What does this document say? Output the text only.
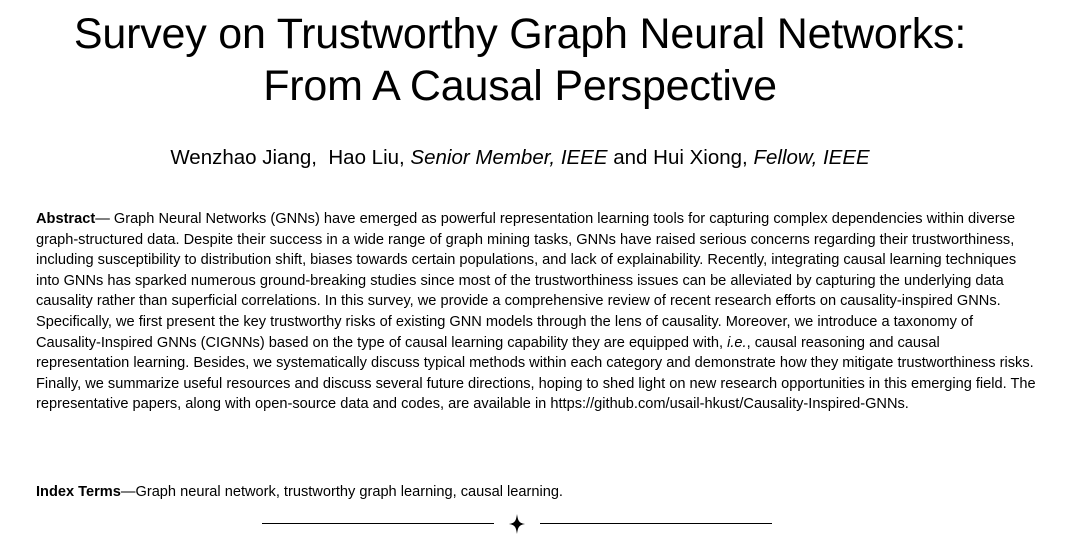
Survey on Trustworthy Graph Neural Networks:
From A Causal Perspective

Wenzhao Jiang, Hao Liu, Senior Member, IEEE and Hui Xiong, Fellow, IEEE

Abstract— Graph Neural Networks (GNNs) have emerged as powerful representation learning tools for capturing complex dependencies within diverse graph-structured data. Despite their success in a wide range of graph mining tasks, GNNs have raised serious concerns regarding their trustworthiness, including susceptibility to distribution shift, biases towards certain populations, and lack of explainability. Recently, integrating causal learning techniques into GNNs has sparked numerous ground-breaking studies since most of the trustworthiness issues can be alleviated by capturing the underlying data causality rather than superficial correlations. In this survey, we provide a comprehensive review of recent research efforts on causality-inspired GNNs. Specifically, we first present the key trustworthy risks of existing GNN models through the lens of causality. Moreover, we introduce a taxonomy of Causality-Inspired GNNs (CIGNNs) based on the type of causal learning capability they are equipped with, i.e., causal reasoning and causal representation learning. Besides, we systematically discuss typical methods within each category and demonstrate how they mitigate trustworthiness risks. Finally, we summarize useful resources and discuss several future directions, hoping to shed light on new research opportunities in this emerging field. The representative papers, along with open-source data and codes, are available in https://github.com/usail-hkust/Causality-Inspired-GNNs.

Index Terms—Graph neural network, trustworthy graph learning, causal learning.
